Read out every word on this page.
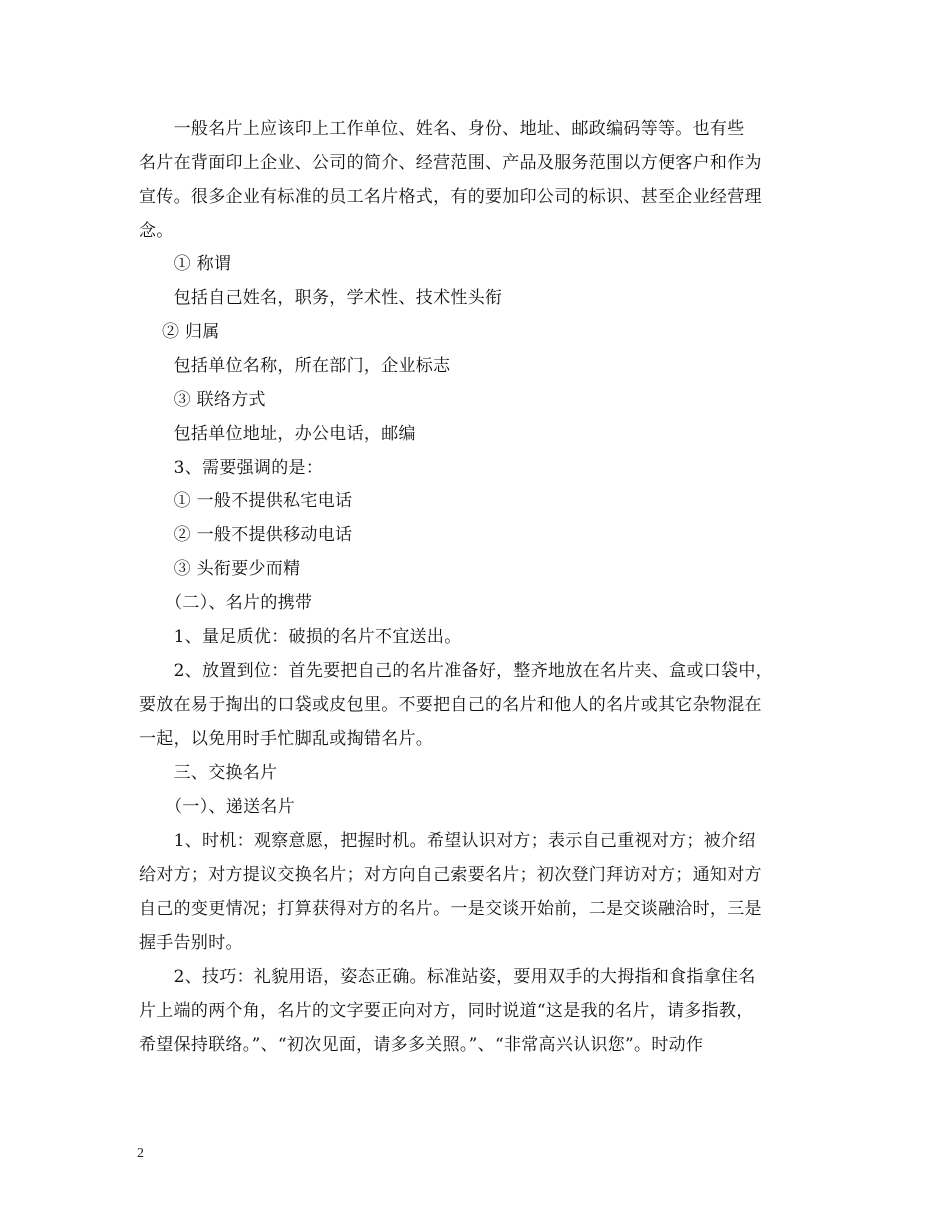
　　一般名片上应该印上工作单位、姓名、身份、地址、邮政编码等等。也有些
名片在背面印上企业、公司的简介、经营范围、产品及服务范围以方便客户和作为
宣传。很多企业有标准的员工名片格式，有的要加印公司的标识、甚至企业经营理
念。
　　① 称谓
　　包括自己姓名，职务，学术性、技术性头衔
　 ② 归属
　　包括单位名称，所在部门，企业标志
　　③ 联络方式
　　包括单位地址，办公电话，邮编
　　3、需要强调的是：
　　① 一般不提供私宅电话
　　② 一般不提供移动电话
　　③ 头衔要少而精
　　（二）、名片的携带
　　1、量足质优：破损的名片不宜送出。
　　2、放置到位：首先要把自己的名片准备好，整齐地放在名片夹、盒或口袋中，
要放在易于掏出的口袋或皮包里。不要把自己的名片和他人的名片或其它杂物混在
一起，以免用时手忙脚乱或掏错名片。
　　三、交换名片
　　（一）、递送名片
　　1、时机：观察意愿，把握时机。希望认识对方；表示自己重视对方；被介绍
给对方；对方提议交换名片；对方向自己索要名片；初次登门拜访对方；通知对方
自己的变更情况；打算获得对方的名片。一是交谈开始前，二是交谈融洽时，三是
握手告别时。
　　2、技巧：礼貌用语，姿态正确。标准站姿，要用双手的大拇指和食指拿住名
片上端的两个角，名片的文字要正向对方，同时说道“这是我的名片，请多指教，
希望保持联络。”、“初次见面，请多多关照。”、“非常高兴认识您”。时动作
2
